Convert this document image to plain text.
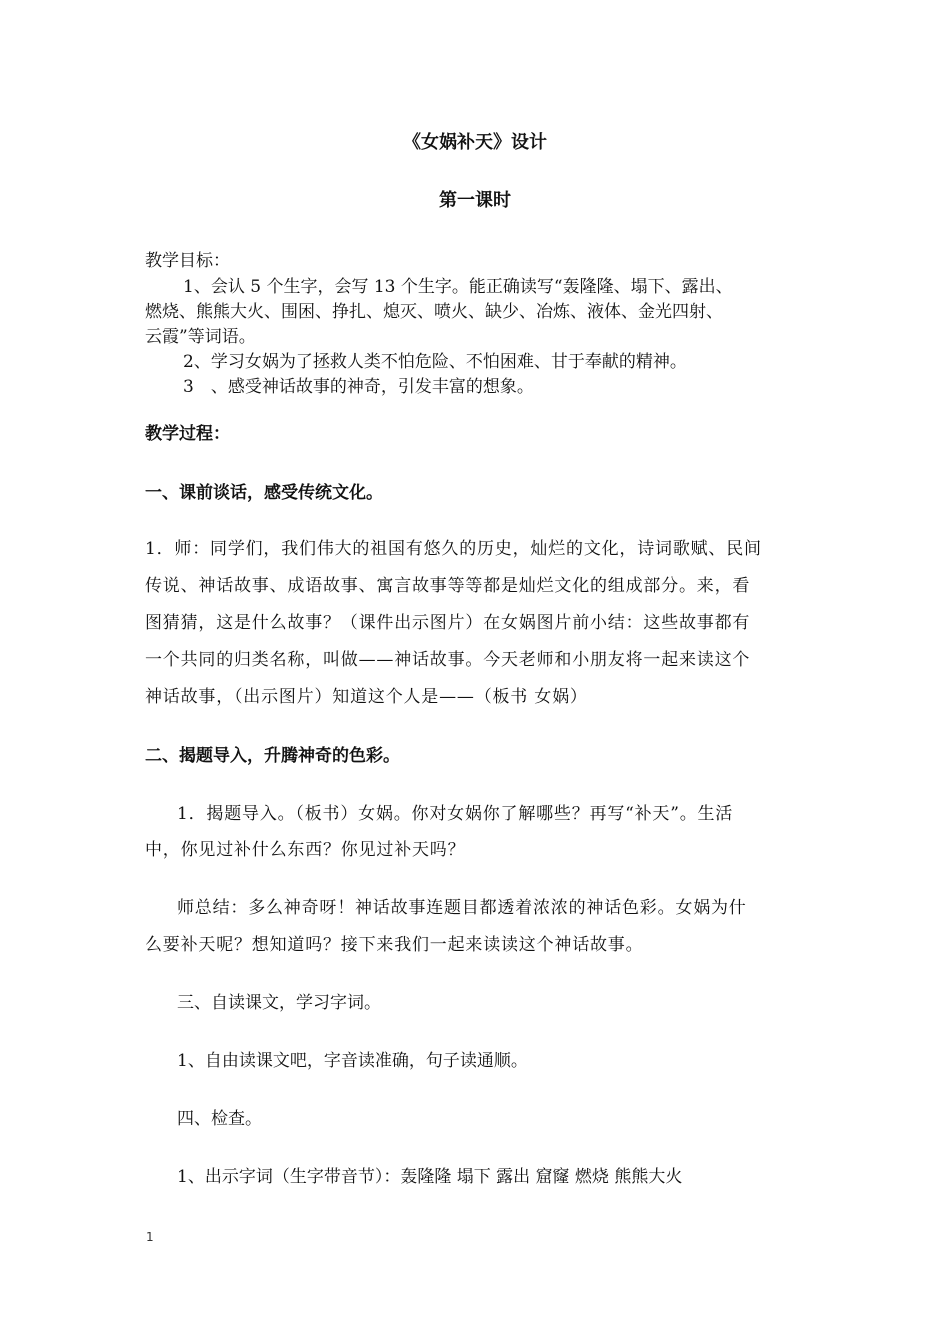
《女娲补天》设计
第一课时
教学目标：
1、会认 5 个生字，会写 13 个生字。能正确读写“轰隆隆、塌下、露出、
燃烧、熊熊大火、围困、挣扎、熄灭、喷火、缺少、冶炼、液体、金光四射、
云霞”等词语。
2、学习女娲为了拯救人类不怕危险、不怕困难、甘于奉献的精神。
3　、感受神话故事的神奇，引发丰富的想象。
教学过程：
一、课前谈话，感受传统文化。
1．师：同学们，我们伟大的祖国有悠久的历史，灿烂的文化，诗词歌赋、民间
传说、神话故事、成语故事、寓言故事等等都是灿烂文化的组成部分。来，看
图猜猜，这是什么故事？（课件出示图片）在女娲图片前小结：这些故事都有
一个共同的归类名称，叫做——神话故事。今天老师和小朋友将一起来读这个
神话故事，（出示图片）知道这个人是——（板书 女娲）
二、揭题导入，升腾神奇的色彩。
1．揭题导入。（板书）女娲。你对女娲你了解哪些？再写“补天”。生活
中，你见过补什么东西？你见过补天吗？
师总结：多么神奇呀！神话故事连题目都透着浓浓的神话色彩。女娲为什
么要补天呢？想知道吗？接下来我们一起来读读这个神话故事。
三、自读课文，学习字词。
1、自由读课文吧，字音读准确，句子读通顺。
四、检查。
1、出示字词（生字带音节）：轰隆隆 塌下 露出 窟窿 燃烧 熊熊大火
1
